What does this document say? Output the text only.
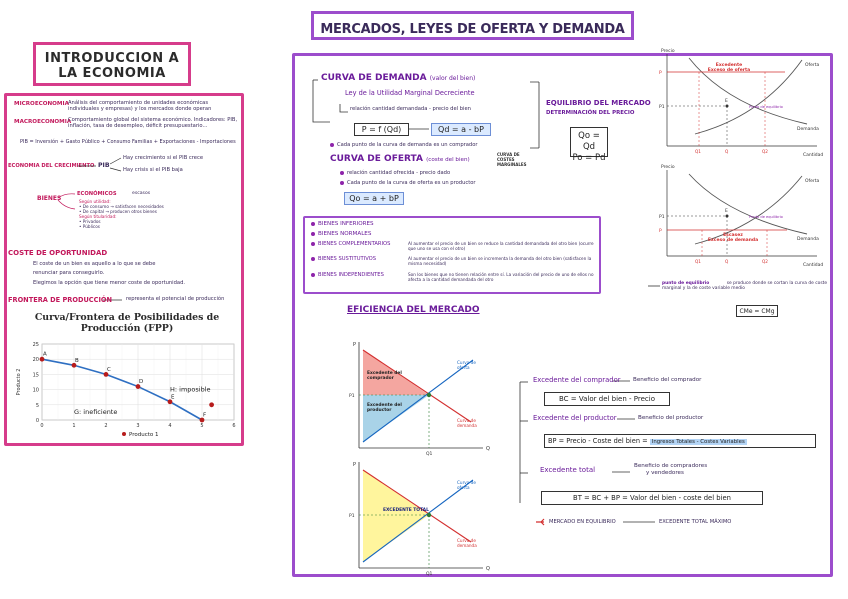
INTRODUCCION A
LA ECONOMIA
MICROECONOMIA Análisis del comportamiento de unidades económicas individuales y empresas) y los mercados donde operan
MACROECONOMIA
Comportamiento global del sistema económico. Indicadores: PIB, inflación, tasa de desempleo, déficit presupuestario...
PIB = Inversión + Gasto Público + Consumo Familias + Exportaciones - Importaciones
ECONOMIA DEL CRECIMIENTO PIB
Hay crecimiento si el PIB crece
Hay crisis si el PIB baja
BIENES
ECONÓMICOS	escasos
Según utilidad:
• De consumo → satisfacen necesidades
• De capital → producen otros bienes
Según titularidad:
• Privados
• Públicos
COSTE DE OPORTUNIDAD
El coste de un bien es aquello a lo que se debe
renunciar para conseguirlo.
Elegimos la opción que tiene menor coste de oportunidad.
FRONTERA DE PRODUCCIÓN	representa el potencial de producción
Curva/Frontera de Posibilidades de
Producción (FPP)
0	1	2	3	4	5	6
0
5
10
15
20
25
A
B
C
D
E
F
H: imposible
G: ineficiente
Producto 2
Producto 1
MERCADOS, LEYES DE OFERTA Y DEMANDA
CURVA DE DEMANDA (valor del bien)
Ley de la Utilidad Marginal Decreciente
relación cantidad demandada - precio del bien
P = f (Qd)	Qd = a - bP
Cada punto de la curva de demanda es un comprador
CURVA DE OFERTA (coste del bien)
CURVA DE COSTES MARGINALES
relación cantidad ofrecida - precio dado
Cada punto de la curva de oferta es un productor
Qo = a + bP
EQUILIBRIO DEL MERCADO
DETERMINACIÓN DEL PRECIO
Qo = Qd
Po = Pd
BIENES INFERIORES
BIENES NORMALES
BIENES COMPLEMENTARIOS	Al aumentar el precio de un bien se reduce la cantidad demandada del otro bien (ocurre que uno se usa con el otro)
BIENES SUSTITUTIVOS	Al aumentar el precio de un bien se incrementa la demanda del otro bien (satisfacen la misma necesidad)
BIENES INDEPENDIENTES	Son los bienes que no tienen relación entre sí. La variación del precio de uno de ellos no afecta a la cantidad demandada del otro
Precio
Cantidad
Oferta
Demanda
E
Punto de equilibrio
Q
Q1	Q2
P
P1
Excedente
Exceso de oferta
Precio
Cantidad
Oferta
Demanda
E
Punto de equilibrio
Q
Q1	Q2
P
P1
Escasez
Exceso de demanda
punto de equilibrio	se produce donde se cortan la curva de coste marginal y la de coste variable medio
CMe = CMg
EFICIENCIA DEL MERCADO
P
Q
P1
Q1
Curva de
oferta
Curva de
demanda
Excedente del
comprador
Excedente del
productor
P
Q
P1
Q1
Curva de
oferta
Curva de
demanda
EXCEDENTE TOTAL
Excedente del comprador Beneficio del comprador
BC = Valor del bien - Precio
Excedente del productor	Beneficio del productor
BP = Precio - Coste del bien = Ingresos Totales - Costes Variables
Excedente total	Beneficio de compradores
y vendedores
BT = BC + BP = Valor del bien - coste del bien
MERCADO EN EQUILIBRIO	EXCEDENTE TOTAL MÁXIMO
